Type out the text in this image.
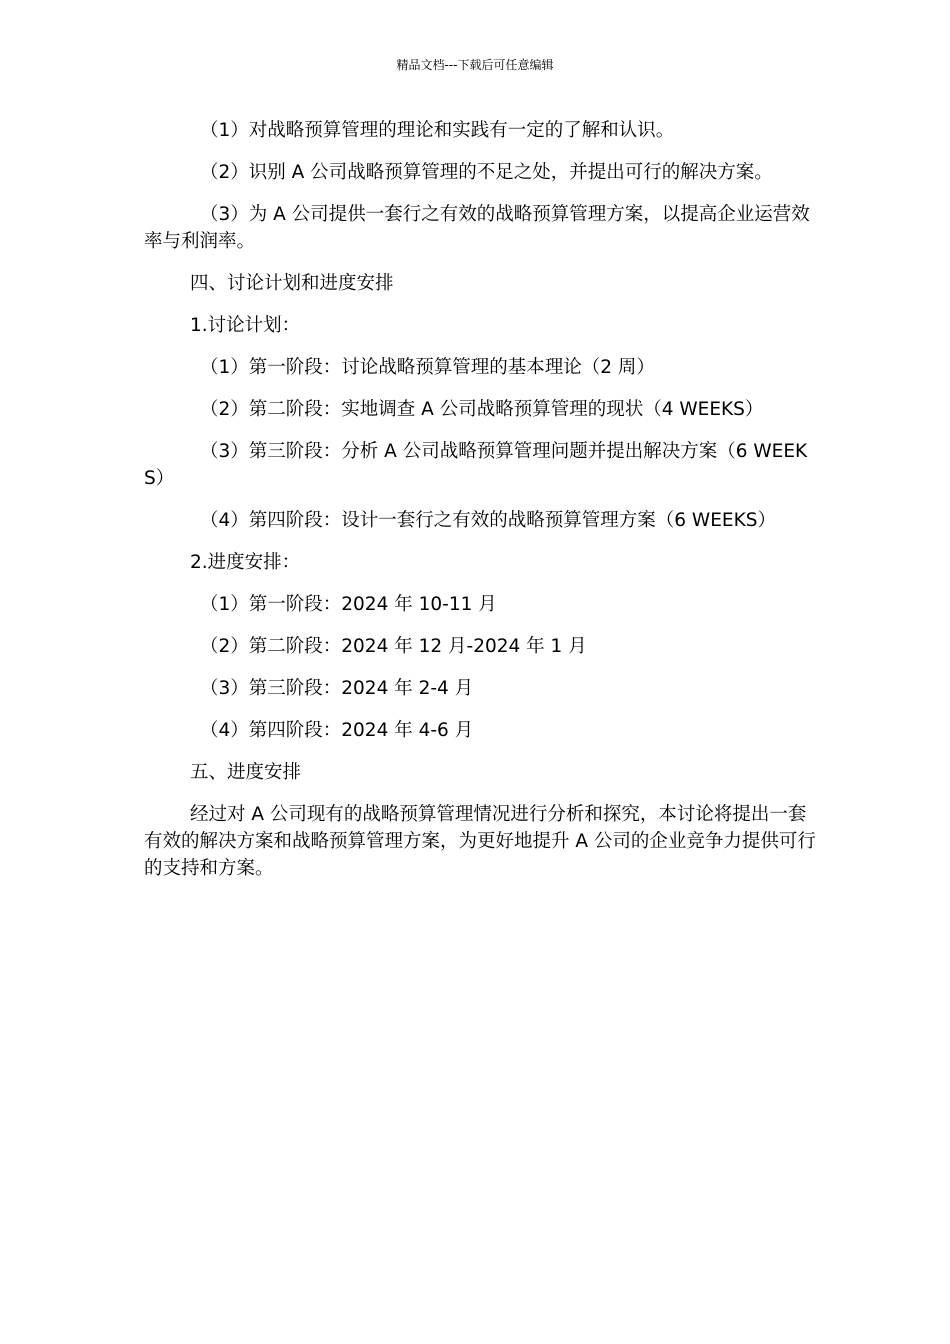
精品文档---下载后可任意编辑

（1）对战略预算管理的理论和实践有一定的了解和认识。

（2）识别 A 公司战略预算管理的不足之处，并提出可行的解决方案。

（3）为 A 公司提供一套行之有效的战略预算管理方案，以提高企业运营效率与利润率。

四、讨论计划和进度安排

1.讨论计划：

（1）第一阶段：讨论战略预算管理的基本理论（2 周）

（2）第二阶段：实地调查 A 公司战略预算管理的现状（4 WEEKS）

（3）第三阶段：分析 A 公司战略预算管理问题并提出解决方案（6 WEEKS）

（4）第四阶段：设计一套行之有效的战略预算管理方案（6 WEEKS）

2.进度安排：

（1）第一阶段：2024 年 10-11 月

（2）第二阶段：2024 年 12 月-2024 年 1 月

（3）第三阶段：2024 年 2-4 月

（4）第四阶段：2024 年 4-6 月

五、进度安排

经过对 A 公司现有的战略预算管理情况进行分析和探究，本讨论将提出一套有效的解决方案和战略预算管理方案，为更好地提升 A 公司的企业竞争力提供可行的支持和方案。
